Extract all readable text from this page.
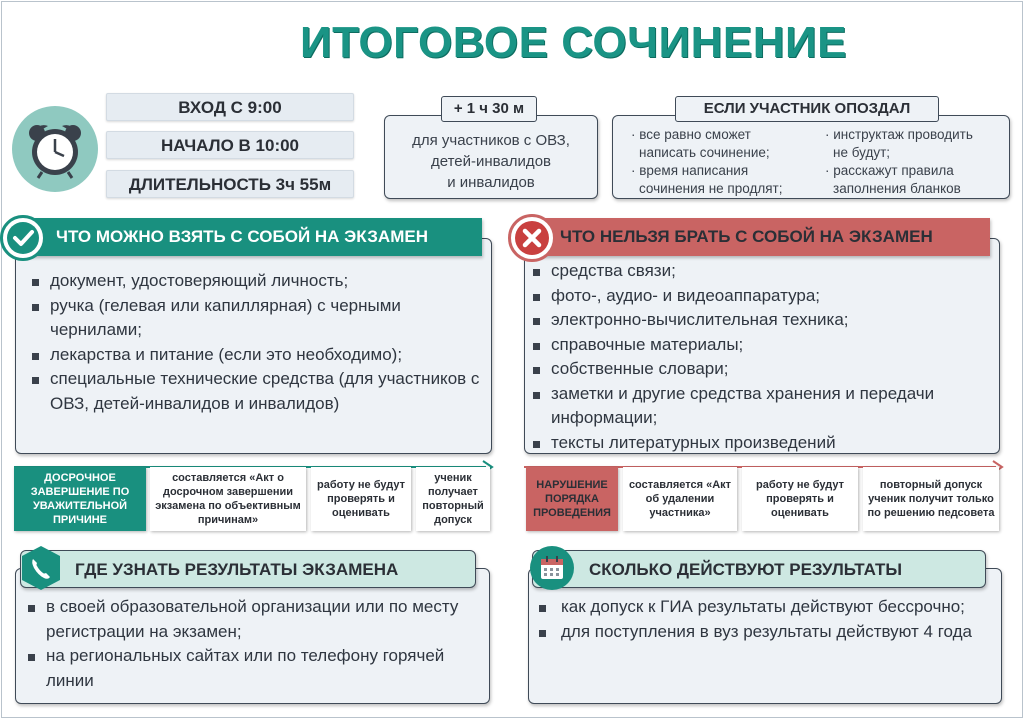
ИТОГОВОЕ СОЧИНЕНИЕ
ВХОД С 9:00
НАЧАЛО В 10:00
ДЛИТЕЛЬНОСТЬ 3ч 55м
для участников с ОВЗ,
детей-инвалидов
и инвалидов
+ 1 ч 30 м
· все равно сможет
написать сочинение;
· время написания
сочинения не продлят;
· инструктаж проводить
не будут;
· расскажут правила
заполнения бланков
ЕСЛИ УЧАСТНИК ОПОЗДАЛ
документ, удостоверяющий личность;
ручка (гелевая или капиллярная) с черными чернилами;
лекарства и питание (если это необходимо);
специальные технические средства (для участников с ОВЗ, детей-инвалидов и инвалидов)
ЧТО МОЖНО ВЗЯТЬ С СОБОЙ НА ЭКЗАМЕН
средства связи;
фото-, аудио- и видеоаппаратура;
электронно-вычислительная техника;
справочные материалы;
собственные словари;
заметки и другие средства хранения и передачи информации;
тексты литературных произведений
ЧТО НЕЛЬЗЯ БРАТЬ С СОБОЙ НА ЭКЗАМЕН
ДОСРОЧНОЕ ЗАВЕРШЕНИЕ ПО УВАЖИТЕЛЬНОЙ ПРИЧИНЕ
составляется «Акт о досрочном завершении экзамена по объективным причинам»
работу не будут проверять и оценивать
ученик получает повторный допуск
НАРУШЕНИЕ ПОРЯДКА ПРОВЕДЕНИЯ
составляется «Акт об удалении участника»
работу не будут проверять и оценивать
повторный допуск ученик получит только по решению педсовета
в своей образовательной организации или по месту регистрации на экзамен;
на региональных сайтах или по телефону горячей линии
ГДЕ УЗНАТЬ РЕЗУЛЬТАТЫ ЭКЗАМЕНА
как допуск к ГИА результаты действуют бессрочно;
для поступления в вуз результаты действуют 4 года
СКОЛЬКО ДЕЙСТВУЮТ РЕЗУЛЬТАТЫ
